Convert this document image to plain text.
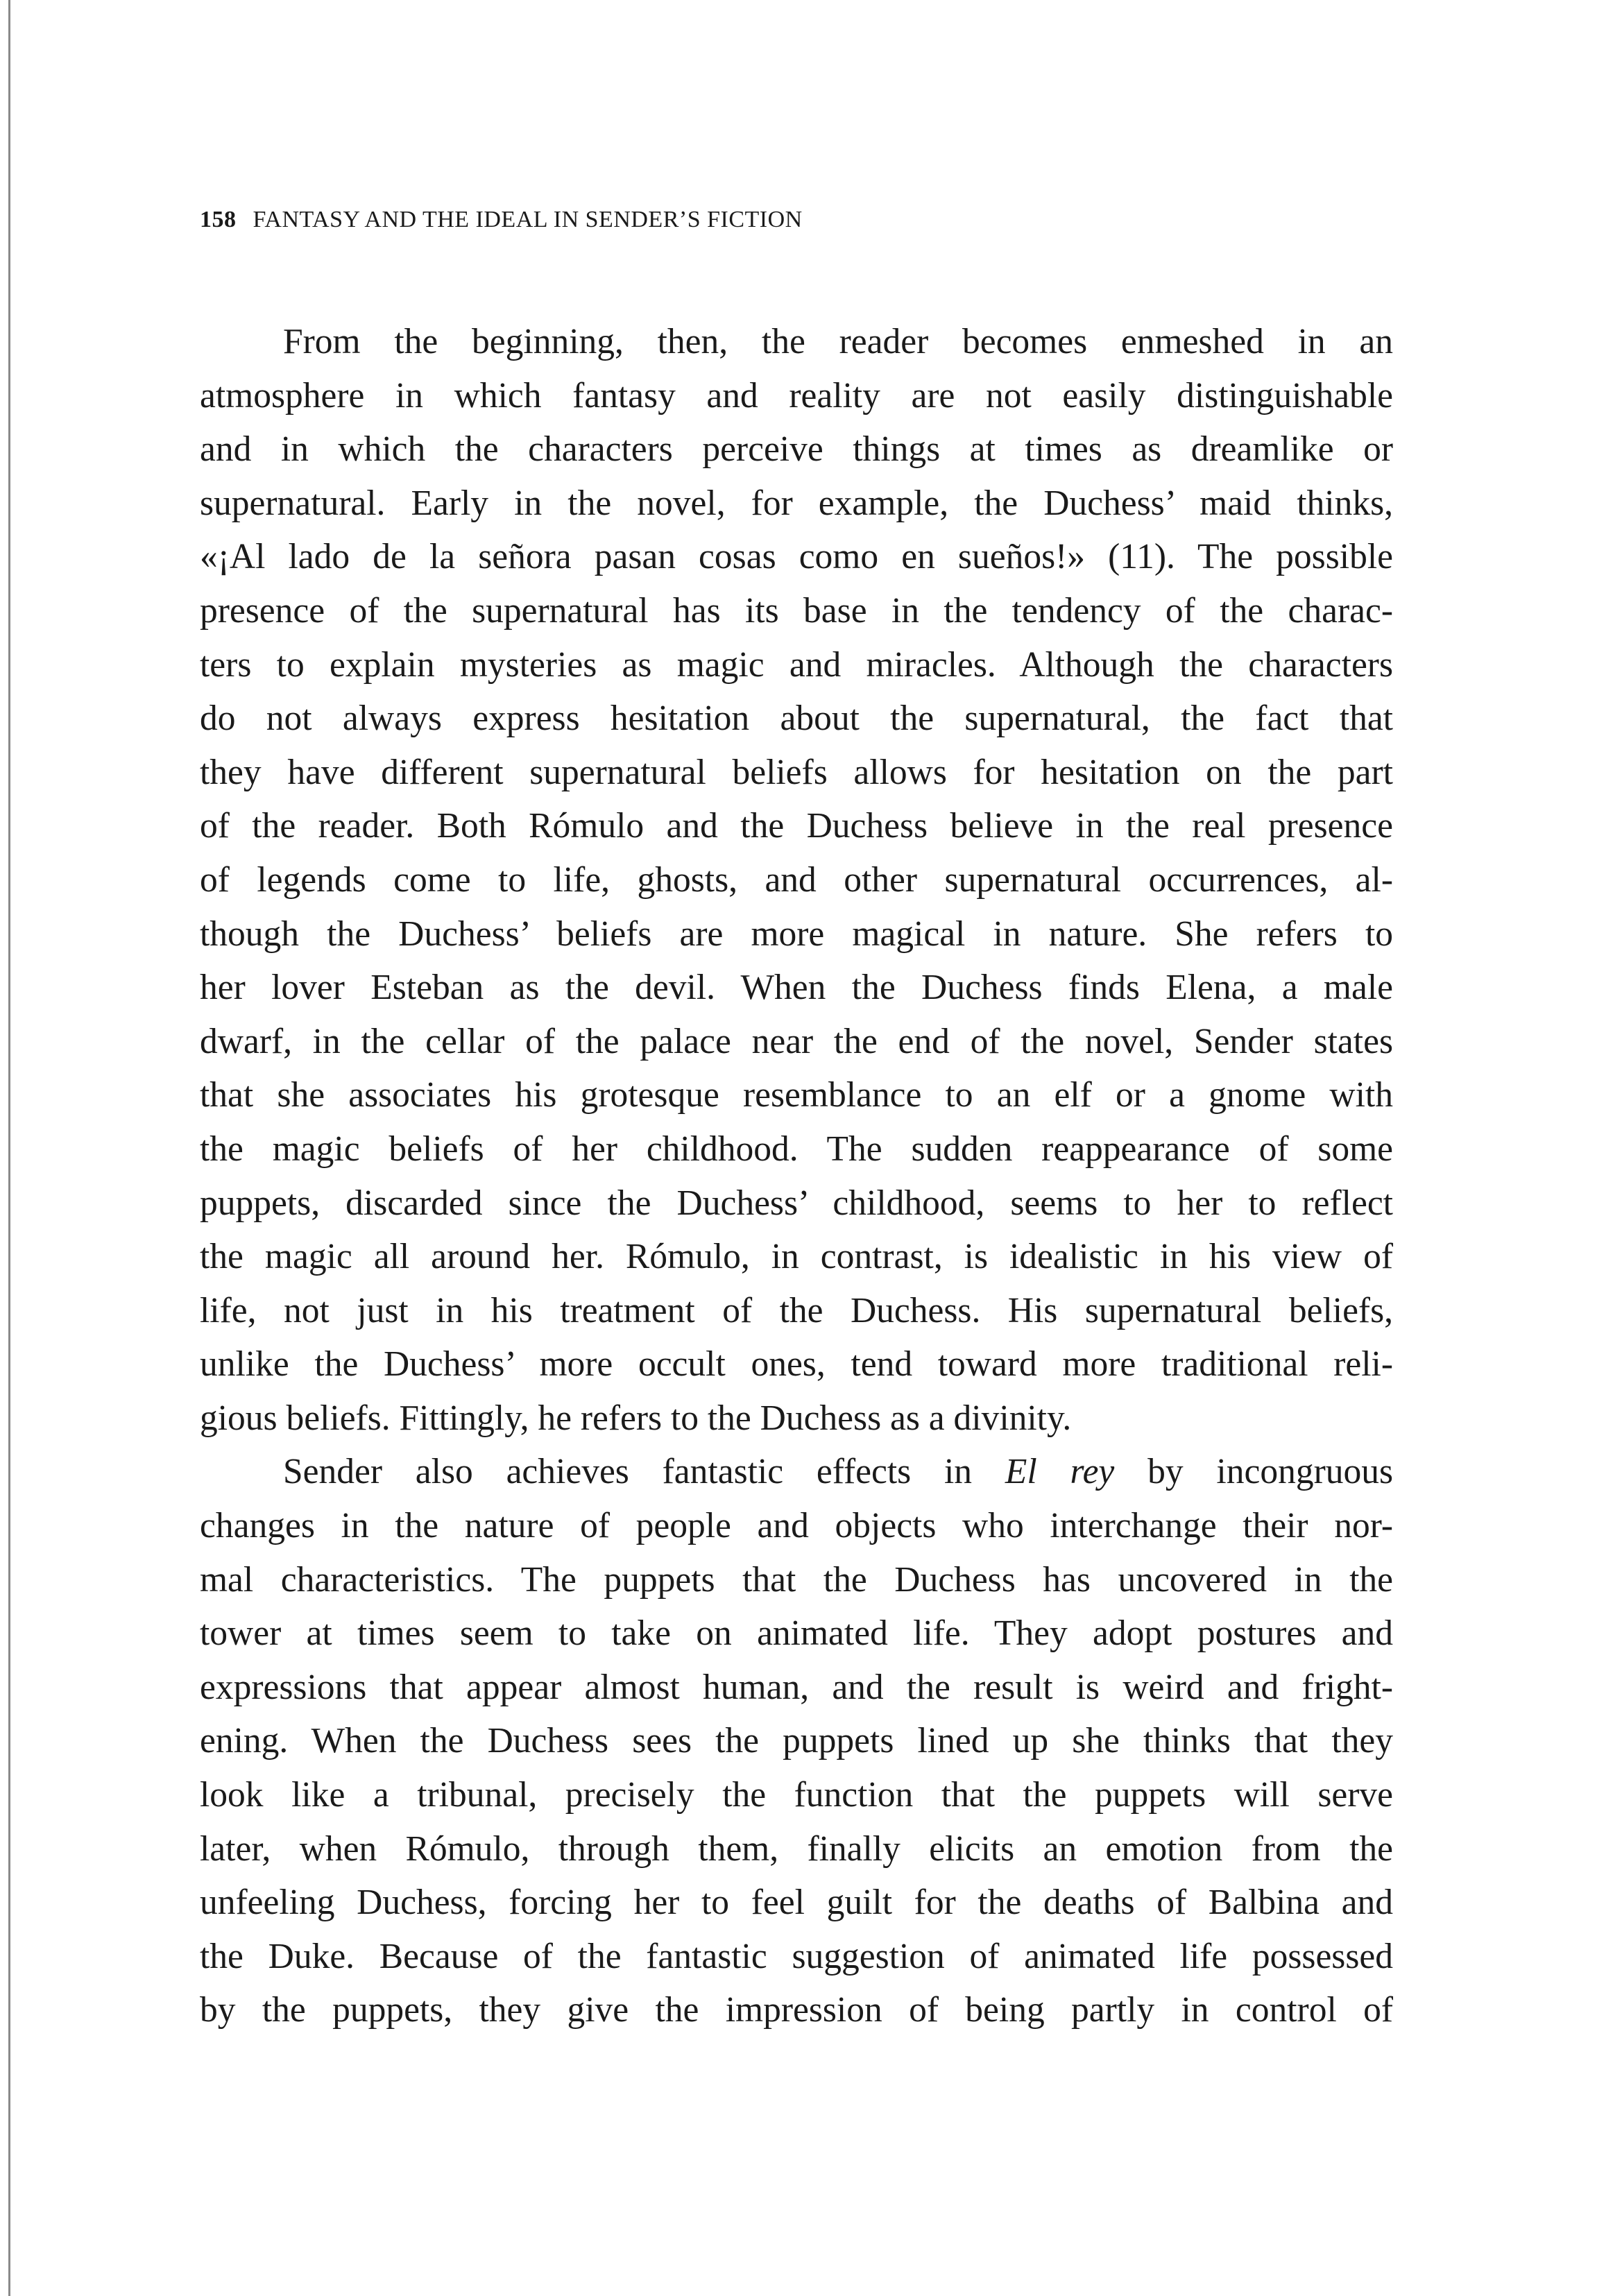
158 FANTASY AND THE IDEAL IN SENDER’S FICTION

From the beginning, then, the reader becomes enmeshed in an
atmosphere in which fantasy and reality are not easily distinguishable
and in which the characters perceive things at times as dreamlike or
supernatural. Early in the novel, for example, the Duchess’ maid thinks,
«¡Al lado de la señora pasan cosas como en sueños!» (11). The possible
presence of the supernatural has its base in the tendency of the charac-
ters to explain mysteries as magic and miracles. Although the characters
do not always express hesitation about the supernatural, the fact that
they have different supernatural beliefs allows for hesitation on the part
of the reader. Both Rómulo and the Duchess believe in the real presence
of legends come to life, ghosts, and other supernatural occurrences, al-
though the Duchess’ beliefs are more magical in nature. She refers to
her lover Esteban as the devil. When the Duchess finds Elena, a male
dwarf, in the cellar of the palace near the end of the novel, Sender states
that she associates his grotesque resemblance to an elf or a gnome with
the magic beliefs of her childhood. The sudden reappearance of some
puppets, discarded since the Duchess’ childhood, seems to her to reflect
the magic all around her. Rómulo, in contrast, is idealistic in his view of
life, not just in his treatment of the Duchess. His supernatural beliefs,
unlike the Duchess’ more occult ones, tend toward more traditional reli-
gious beliefs. Fittingly, he refers to the Duchess as a divinity.
Sender also achieves fantastic effects in El rey by incongruous
changes in the nature of people and objects who interchange their nor-
mal characteristics. The puppets that the Duchess has uncovered in the
tower at times seem to take on animated life. They adopt postures and
expressions that appear almost human, and the result is weird and fright-
ening. When the Duchess sees the puppets lined up she thinks that they
look like a tribunal, precisely the function that the puppets will serve
later, when Rómulo, through them, finally elicits an emotion from the
unfeeling Duchess, forcing her to feel guilt for the deaths of Balbina and
the Duke. Because of the fantastic suggestion of animated life possessed
by the puppets, they give the impression of being partly in control of
